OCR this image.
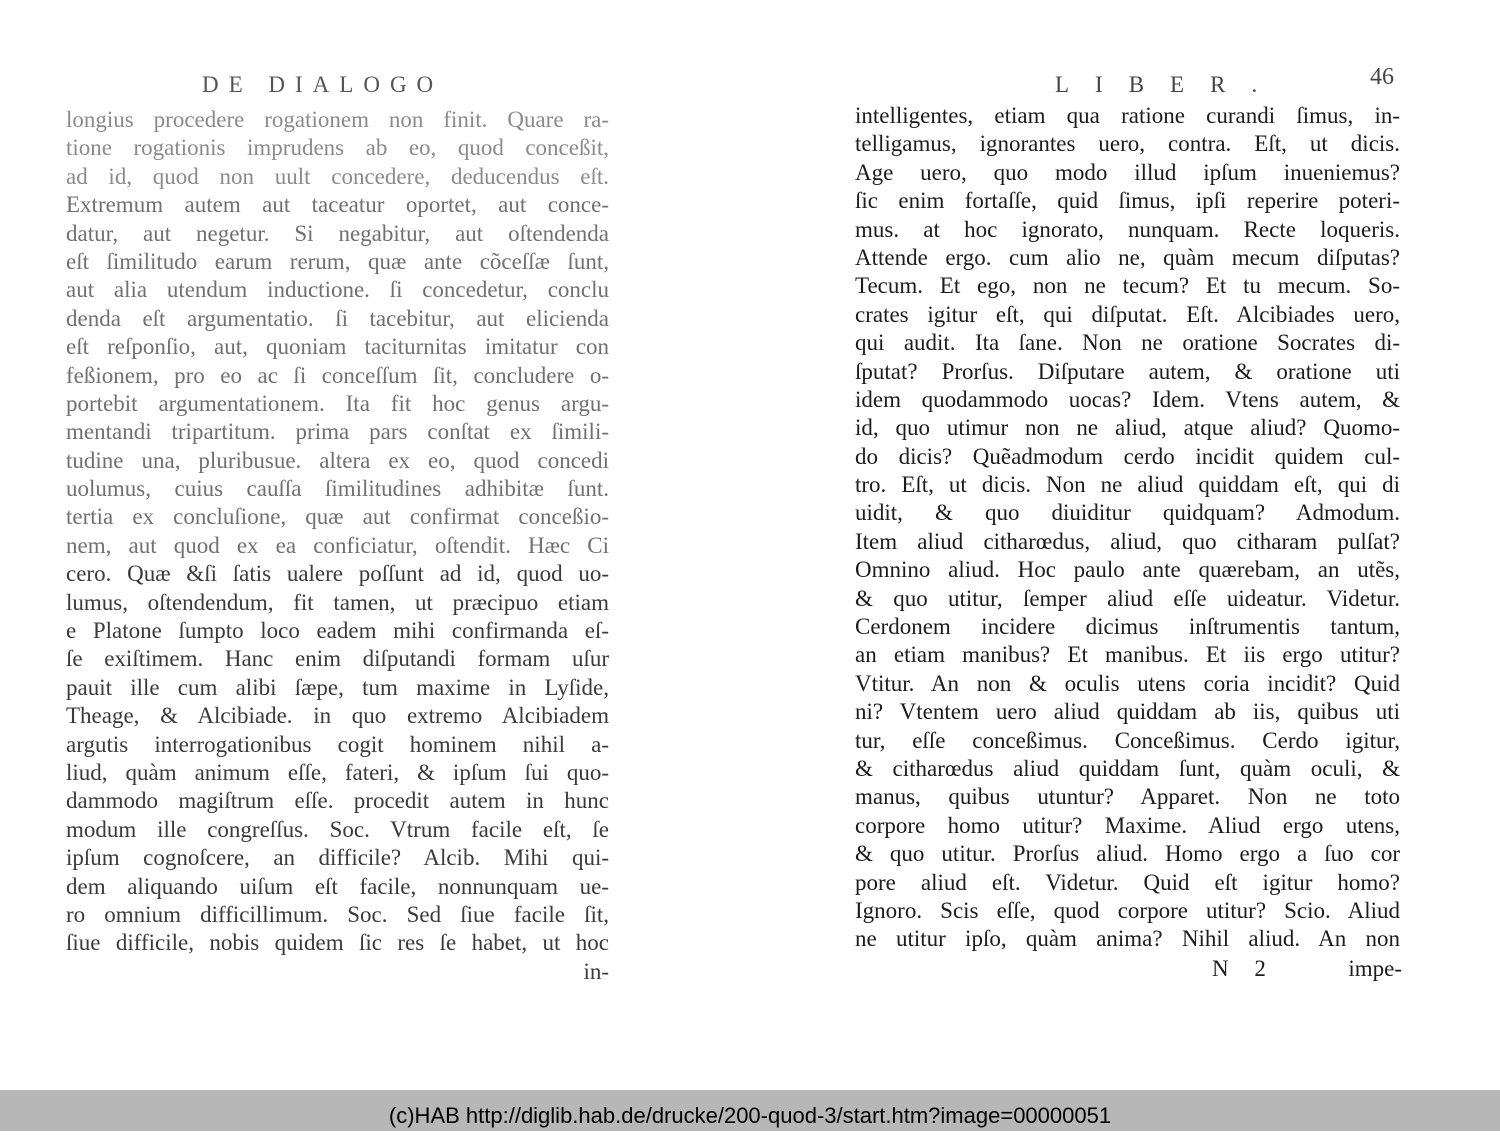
DE DIALOGO
longius procedere rogationem non finit. Quare ra-
tione rogationis imprudens ab eo, quod conceßit,
ad id, quod non uult concedere, deducendus eſt.
Extremum autem aut taceatur oportet, aut conce-
datur, aut negetur. Si negabitur, aut oſtendenda
eſt ſimilitudo earum rerum, quæ ante cõceſſæ ſunt,
aut alia utendum inductione. ſi concedetur, conclu
denda eſt argumentatio. ſi tacebitur, aut elicienda
eſt reſponſio, aut, quoniam taciturnitas imitatur con
feßionem, pro eo ac ſi conceſſum ſit, concludere o-
portebit argumentationem. Ita fit hoc genus argu-
mentandi tripartitum. prima pars conſtat ex ſimili-
tudine una, pluribusue. altera ex eo, quod concedi
uolumus, cuius cauſſa ſimilitudines adhibitæ ſunt.
tertia ex concluſione, quæ aut confirmat conceßio-
nem, aut quod ex ea conficiatur, oſtendit. Hæc Ci
cero. Quæ &ſi ſatis ualere poſſunt ad id, quod uo-
lumus, oſtendendum, fit tamen, ut præcipuo etiam
e Platone ſumpto loco eadem mihi confirmanda eſ-
ſe exiſtimem. Hanc enim diſputandi formam uſur
pauit ille cum alibi ſæpe, tum maxime in Lyſide,
Theage, & Alcibiade. in quo extremo Alcibiadem
argutis interrogationibus cogit hominem nihil a-
liud, quàm animum eſſe, fateri, & ipſum ſui quo-
dammodo magiſtrum eſſe. procedit autem in hunc
modum ille congreſſus. Soc. Vtrum facile eſt, ſe
ipſum cognoſcere, an difficile? Alcib. Mihi qui-
dem aliquando uiſum eſt facile, nonnunquam ue-
ro omnium difficillimum. Soc. Sed ſiue facile ſit,
ſiue difficile, nobis quidem ſic res ſe habet, ut hoc
in-
LIBER.	46
intelligentes, etiam qua ratione curandi ſimus, in-
telligamus, ignorantes uero, contra. Eſt, ut dicis.
Age uero, quo modo illud ipſum inueniemus?
ſic enim fortaſſe, quid ſimus, ipſi reperire poteri-
mus. at hoc ignorato, nunquam. Recte loqueris.
Attende ergo. cum alio ne, quàm mecum diſputas?
Tecum. Et ego, non ne tecum? Et tu mecum. So-
crates igitur eſt, qui diſputat. Eſt. Alcibiades uero,
qui audit. Ita ſane. Non ne oratione Socrates di-
ſputat? Prorſus. Diſputare autem, & oratione uti
idem quodammodo uocas? Idem. Vtens autem, &
id, quo utimur non ne aliud, atque aliud? Quomo-
do dicis? Quẽadmodum cerdo incidit quidem cul-
tro. Eſt, ut dicis. Non ne aliud quiddam eſt, qui di
uidit, & quo diuiditur quidquam? Admodum.
Item aliud citharœdus, aliud, quo citharam pulſat?
Omnino aliud. Hoc paulo ante quærebam, an utẽs,
& quo utitur, ſemper aliud eſſe uideatur. Videtur.
Cerdonem incidere dicimus inſtrumentis tantum,
an etiam manibus? Et manibus. Et iis ergo utitur?
Vtitur. An non & oculis utens coria incidit? Quid
ni? Vtentem uero aliud quiddam ab iis, quibus uti
tur, eſſe conceßimus. Conceßimus. Cerdo igitur,
& citharœdus aliud quiddam ſunt, quàm oculi, &
manus, quibus utuntur? Apparet. Non ne toto
corpore homo utitur? Maxime. Aliud ergo utens,
& quo utitur. Prorſus aliud. Homo ergo a ſuo cor
pore aliud eſt. Videtur. Quid eſt igitur homo?
Ignoro. Scis eſſe, quod corpore utitur? Scio. Aliud
ne utitur ipſo, quàm anima? Nihil aliud. An non
N 2	impe-
(c)HAB http://diglib.hab.de/drucke/200-quod-3/start.htm?image=00000051
